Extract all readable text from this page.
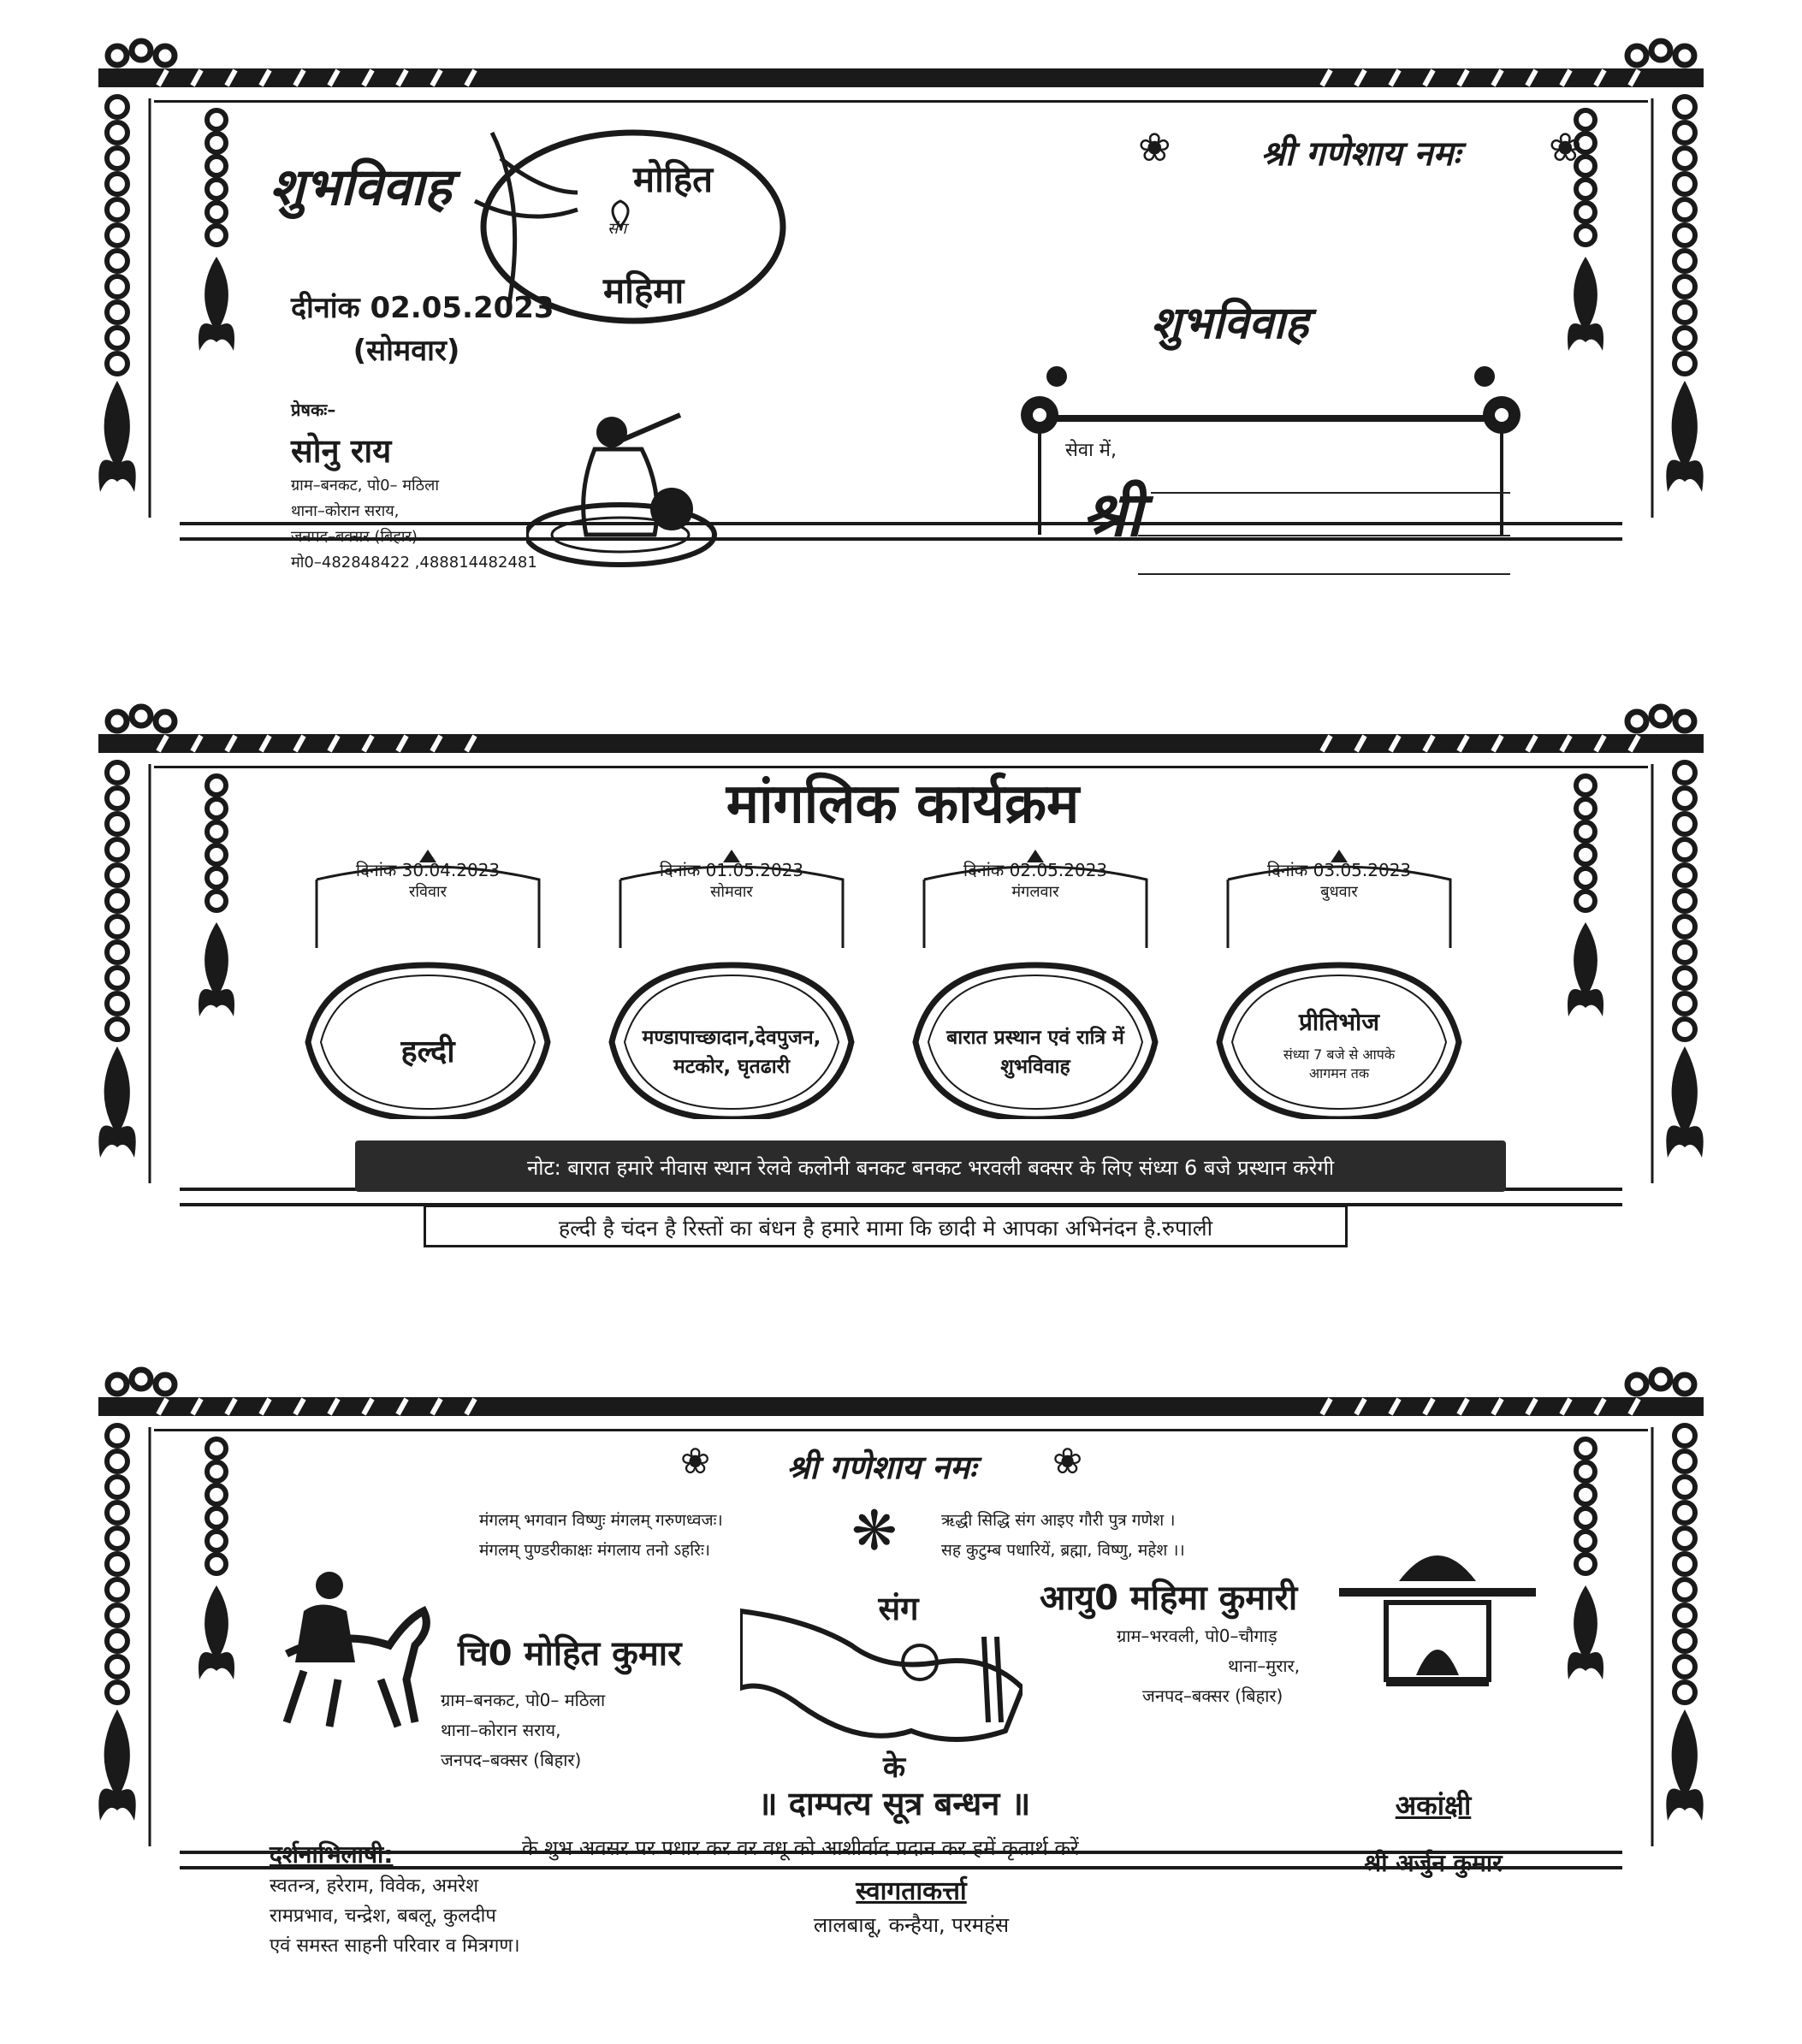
शुभविवाह
दीनांक 02.05.2023
(सोमवार)
प्रेषकः–
सोनु राय
ग्राम–बनकट, पो0– मठिला
थाना–कोरान सराय,
जनपद–बक्सर (बिहार)
मो0–482848422 ,488814482481
मोहित
संग
महिमा
श्री गणेशाय नमः
❀	❀
शुभविवाह
सेवा में,
श्री
मांगलिक कार्यक्रम
दिनांक 30.04.2023
रविवार
हल्दी
दिनांक 01.05.2023
सोमवार
मण्डापाच्छादान,देवपुजन, मटकोर, घृतढारी
दिनांक 02.05.2023
मंगलवार
बारात प्रस्थान एवं रात्रि में शुभविवाह
दिनांक 03.05.2023
बुधवार
प्रीतिभोज
संध्या 7 बजे से आपके आगमन तक
नोट: बारात हमारे नीवास स्थान रेलवे कलोनी बनकट बनकट भरवली बक्सर के लिए संध्या 6 बजे प्रस्थान करेगी
हल्दी है चंदन है रिस्तों का बंधन है हमारे मामा कि छादी मे आपका अभिनंदन है.रुपाली
श्री गणेशाय नमः
❀	❀
मंगलम् भगवान विष्णुः मंगलम् गरुणध्वजः।
मंगलम् पुण्डरीकाक्षः मंगलाय तनो ऽहरिः।	❋	ऋद्धी सिद्धि संग आइए गौरी पुत्र गणेश ।
सह कुटुम्ब पधारियें, ब्रह्मा, विष्णु, महेश ।।
चि0 मोहित कुमार
ग्राम–बनकट, पो0– मठिला
थाना–कोरान सराय,
जनपद–बक्सर (बिहार)
संग
के
॥ दाम्पत्य सूत्र बन्धन ॥
आयु0 महिमा कुमारी
ग्राम–भरवली, पो0–चौगाड़
थाना–मुरार,
जनपद–बक्सर (बिहार)
के शुभ अवसर पर पधार कर वर वधू को आशीर्वाद प्रदान कर हमें कृतार्थ करें
दर्शनाभिलाषी:
स्वतन्त्र, हरेराम, विवेक, अमरेश
रामप्रभाव, चन्द्रेश, बबलू, कुलदीप
एवं समस्त साहनी परिवार व मित्रगण।
स्वागताकर्त्ता
लालबाबू, कन्हैया, परमहंस
अकांक्षी
श्री अर्जुन कुमार
